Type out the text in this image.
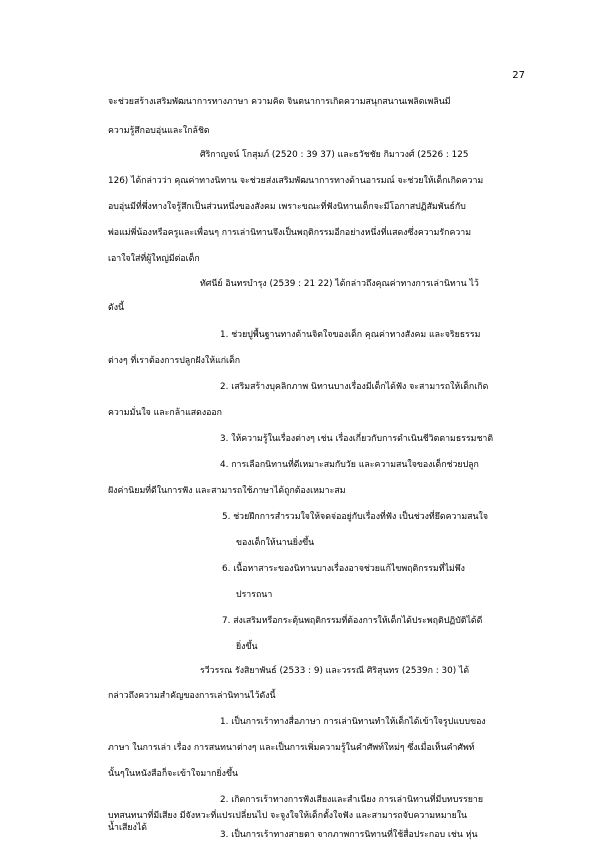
27
จะช่วยสร้างเสริมพัฒนาการทางภาษา ความคิด จินตนาการเกิดความสนุกสนานเพลิดเพลินมี
ความรู้สึกอบอุ่นและใกล้ชิด
ศิริกาญจน์ โกสุมภ์ (2520 : 39 37) และธวัชชัย กิมาวงศ์ (2526 : 125
126) ได้กล่าวว่า คุณค่าทางนิทาน จะช่วยส่งเสริมพัฒนาการทางด้านอารมณ์ จะช่วยให้เด็กเกิดความ
อบอุ่นมีที่พึ่งทางใจรู้สึกเป็นส่วนหนึ่งของสังคม เพราะขณะที่ฟังนิทานเด็กจะมีโอกาสปฏิสัมพันธ์กับ
พ่อแม่พี่น้องหรือครูและเพื่อนๆ การเล่านิทานจึงเป็นพฤติกรรมอีกอย่างหนึ่งที่แสดงซึ่งความรักความ
เอาใจใส่ที่ผู้ใหญ่มีต่อเด็ก
ทัศนีย์ อินทรบำรุง (2539 : 21 22) ได้กล่าวถึงคุณค่าทางการเล่านิทาน ไว้
ดังนี้
1. ช่วยปูพื้นฐานทางด้านจิตใจของเด็ก คุณค่าทางสังคม และจริยธรรม
ต่างๆ ที่เราต้องการปลูกฝังให้แก่เด็ก
2. เสริมสร้างบุคลิกภาพ นิทานบางเรื่องมีเด็กได้ฟัง จะสามารถให้เด็กเกิด
ความมั่นใจ และกล้าแสดงออก
3. ให้ความรู้ในเรื่องต่างๆ เช่น เรื่องเกี่ยวกับการดำเนินชีวิตตามธรรมชาติ
4. การเลือกนิทานที่ดีเหมาะสมกับวัย และความสนใจของเด็กช่วยปลูก
ฝังค่านิยมที่ดีในการฟัง และสามารถใช้ภาษาได้ถูกต้องเหมาะสม
5. ช่วยฝึกการสำรวมใจให้จดจ่ออยู่กับเรื่องที่ฟัง เป็นช่วงที่ยึดความสนใจ
ของเด็กให้นานยิ่งขึ้น
6. เนื้อหาสาระของนิทานบางเรื่องอาจช่วยแก้ไขพฤติกรรมที่ไม่พึง
ปรารถนา
7. ส่งเสริมหรือกระตุ้นพฤติกรรมที่ต้องการให้เด็กได้ประพฤติปฏิบัติได้ดี
ยิ่งขึ้น
รวีวรรณ รังสิยาพันธ์ (2533 : 9) และวรรณี ศิริสุนทร (2539ก : 30) ได้
กล่าวถึงความสำคัญของการเล่านิทานไว้ดังนี้
1. เป็นการเร้าทางสื่อภาษา การเล่านิทานทำให้เด็กได้เข้าใจรูปแบบของ
ภาษา ในการเล่า เรื่อง การสนทนาต่างๆ และเป็นการเพิ่มความรู้ในคำศัพท์ใหม่ๆ ซึ่งเมื่อเห็นคำศัพท์
นั้นๆในหนังสือก็จะเข้าใจมากยิ่งขึ้น
2. เกิดการเร้าทางการฟังเสียงและสำเนียง การเล่านิทานที่มีบทบรรยาย
บทสนทนาที่มีเสียง มีจังหวะที่แปรเปลี่ยนไป จะจูงใจให้เด็กตั้งใจฟัง และสามารถจับความหมายใน
น้ำเสียงได้
3. เป็นการเร้าทางสายตา จากภาพการนิทานที่ใช้สื่อประกอบ เช่น หุ่น
